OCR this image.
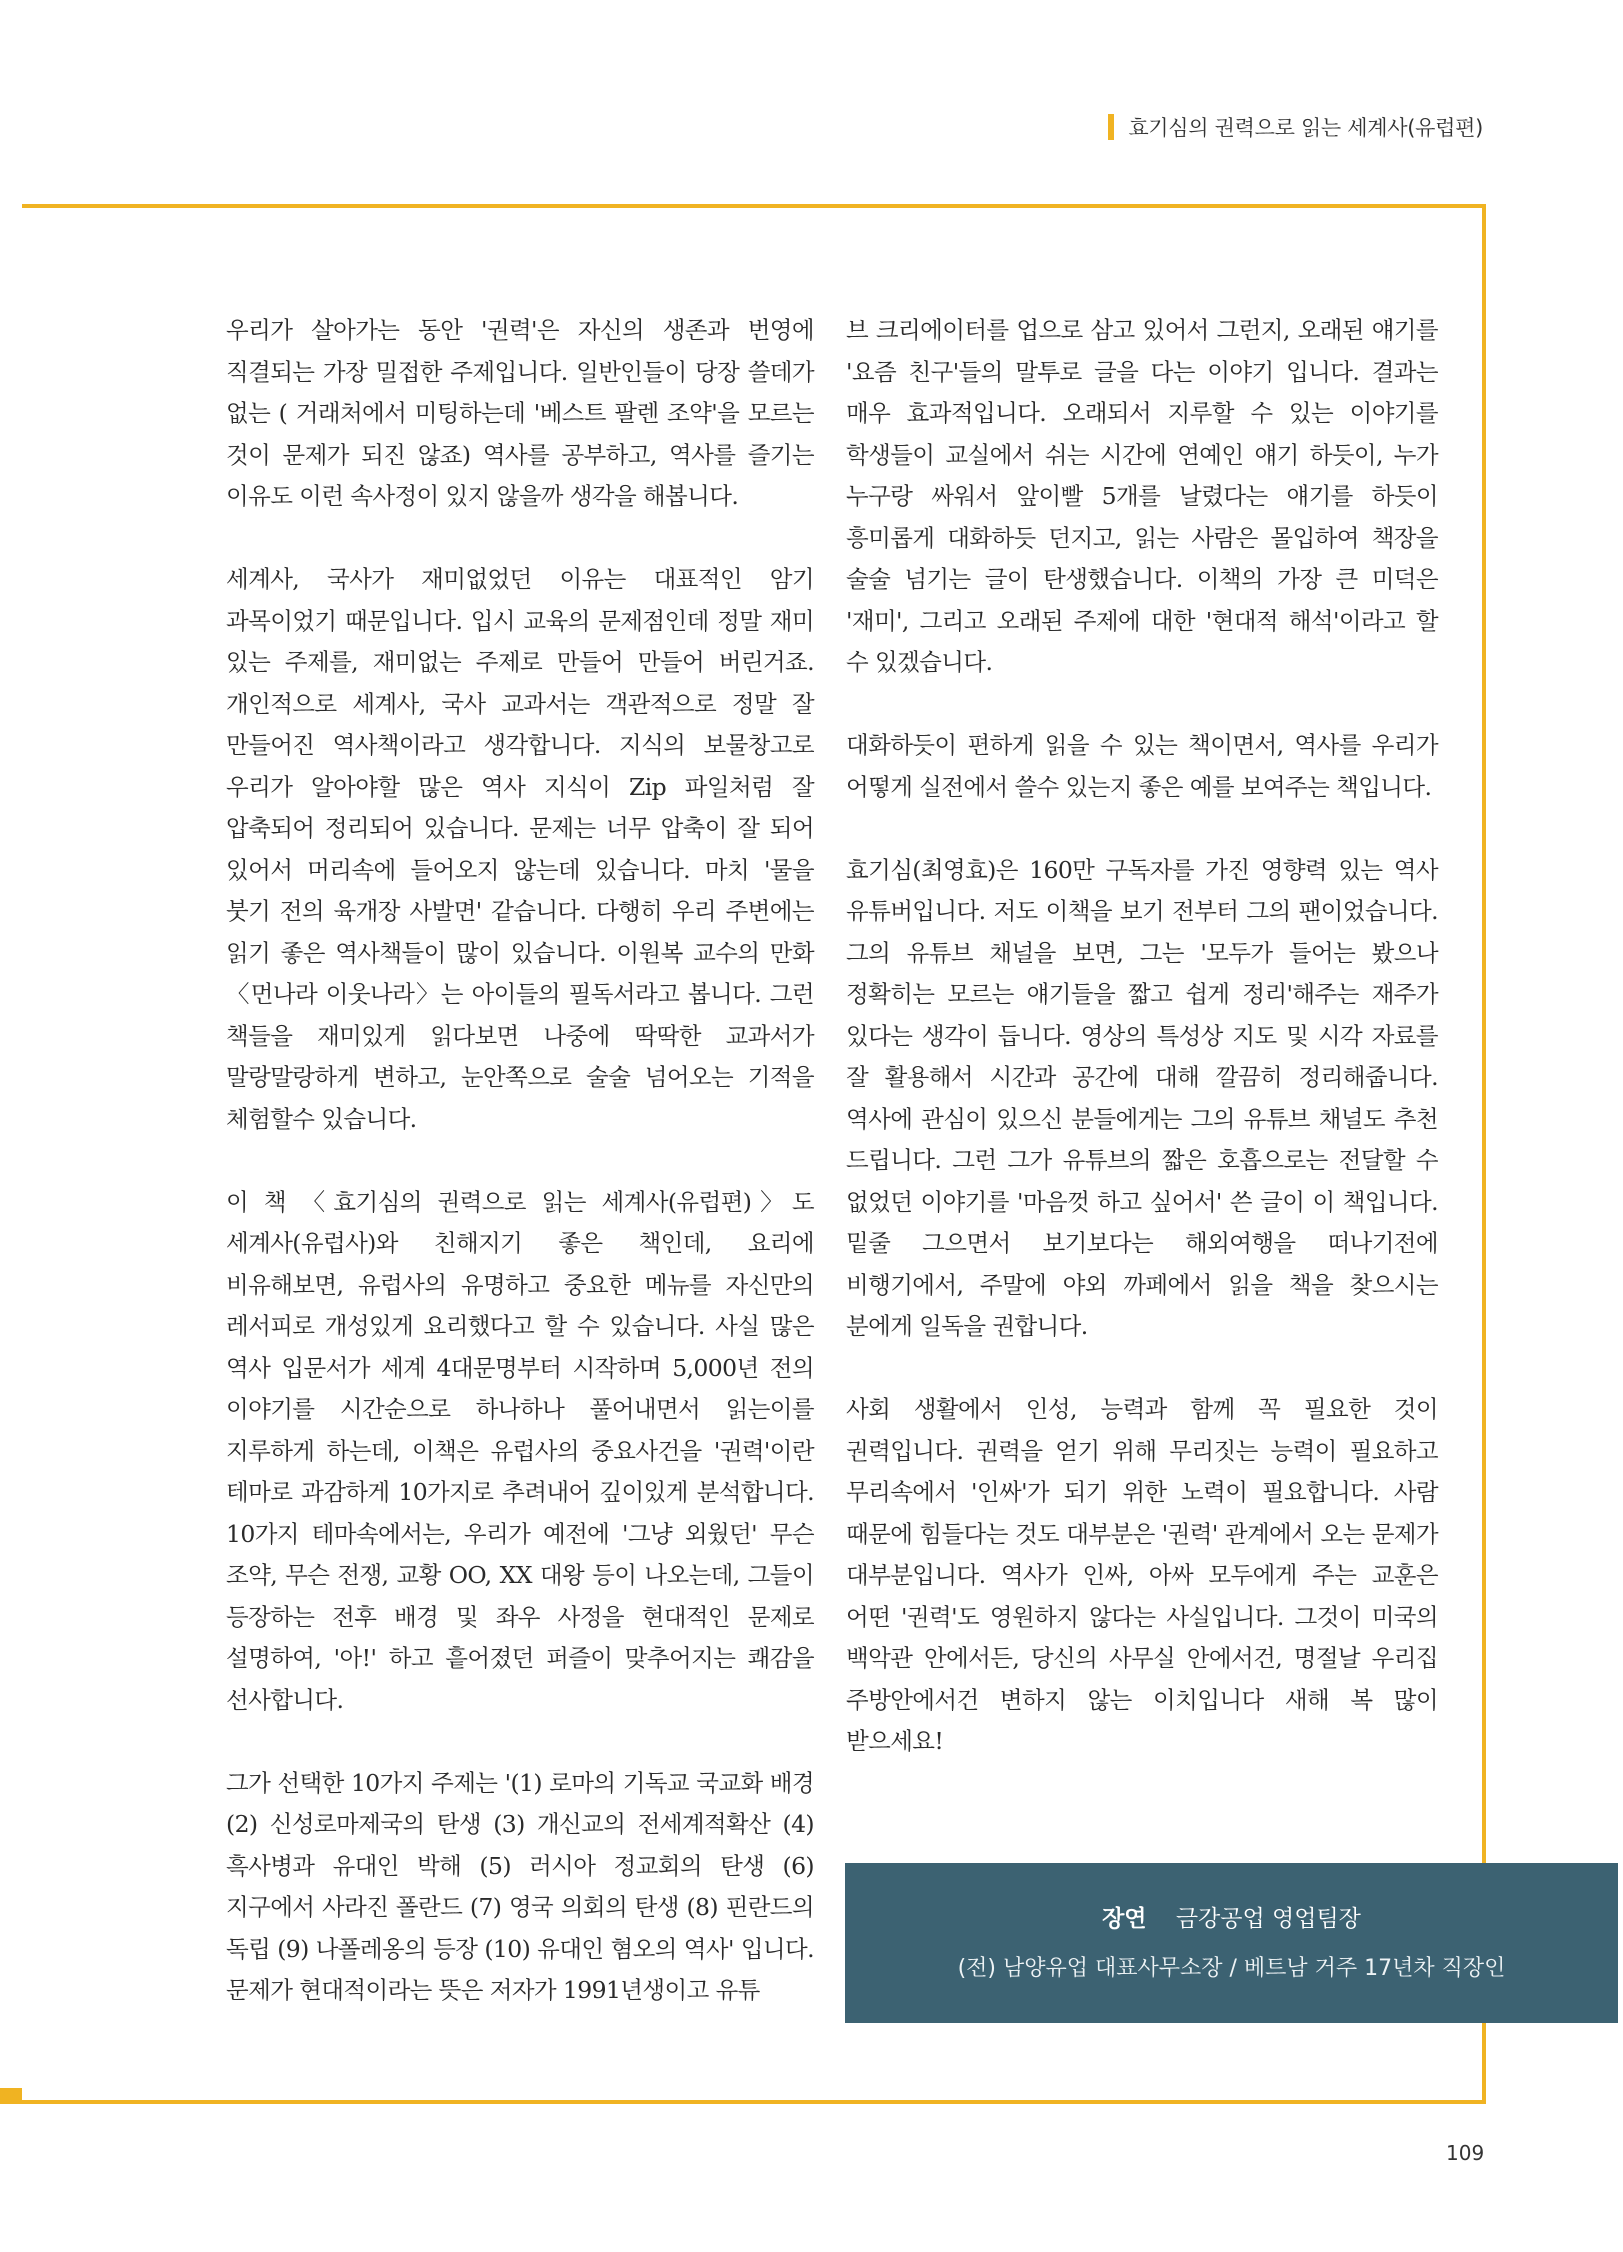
효기심의 권력으로 읽는 세계사(유럽편)

우리가 살아가는 동안 '권력'은 자신의 생존과 번영에 직결되는 가장 밀접한 주제입니다. 일반인들이 당장 쓸데가 없는 ( 거래처에서 미팅하는데 '베스트 팔렌 조약'을 모르는 것이 문제가 되진 않죠) 역사를 공부하고, 역사를 즐기는 이유도 이런 속사정이 있지 않을까 생각을 해봅니다.

세계사, 국사가 재미없었던 이유는 대표적인 암기 과목이었기 때문입니다. 입시 교육의 문제점인데 정말 재미 있는 주제를, 재미없는 주제로 만들어 만들어 버린거죠. 개인적으로 세계사, 국사 교과서는 객관적으로 정말 잘 만들어진 역사책이라고 생각합니다. 지식의 보물창고로 우리가 알아야할 많은 역사 지식이 Zip 파일처럼 잘 압축되어 정리되어 있습니다. 문제는 너무 압축이 잘 되어 있어서 머리속에 들어오지 않는데 있습니다. 마치 '물을 붓기 전의 육개장 사발면' 같습니다. 다행히 우리 주변에는 읽기 좋은 역사책들이 많이 있습니다. 이원복 교수의 만화 〈먼나라 이웃나라〉는 아이들의 필독서라고 봅니다. 그런 책들을 재미있게 읽다보면 나중에 딱딱한 교과서가 말랑말랑하게 변하고, 눈안쪽으로 술술 넘어오는 기적을 체험할수 있습니다.

이 책 〈효기심의 권력으로 읽는 세계사(유럽편)〉도 세계사(유럽사)와 친해지기 좋은 책인데, 요리에 비유해보면, 유럽사의 유명하고 중요한 메뉴를 자신만의 레서피로 개성있게 요리했다고 할 수 있습니다. 사실 많은 역사 입문서가 세계 4대문명부터 시작하며 5,000년 전의 이야기를 시간순으로 하나하나 풀어내면서 읽는이를 지루하게 하는데, 이책은 유럽사의 중요사건을 '권력'이란 테마로 과감하게 10가지로 추려내어 깊이있게 분석합니다. 10가지 테마속에서는, 우리가 예전에 '그냥 외웠던' 무슨 조약, 무슨 전쟁, 교황 OO, XX 대왕 등이 나오는데, 그들이 등장하는 전후 배경 및 좌우 사정을 현대적인 문제로 설명하여, '아!' 하고 흩어졌던 퍼즐이 맞추어지는 쾌감을 선사합니다.

그가 선택한 10가지 주제는 '(1) 로마의 기독교 국교화 배경 (2) 신성로마제국의 탄생 (3) 개신교의 전세계적확산 (4) 흑사병과 유대인 박해 (5) 러시아 정교회의 탄생 (6) 지구에서 사라진 폴란드 (7) 영국 의회의 탄생 (8) 핀란드의 독립 (9) 나폴레옹의 등장 (10) 유대인 혐오의 역사' 입니다. 문제가 현대적이라는 뜻은 저자가 1991년생이고 유튜

브 크리에이터를 업으로 삼고 있어서 그런지, 오래된 얘기를 '요즘 친구'들의 말투로 글을 다는 이야기 입니다. 결과는 매우 효과적입니다. 오래되서 지루할 수 있는 이야기를 학생들이 교실에서 쉬는 시간에 연예인 얘기 하듯이, 누가 누구랑 싸워서 앞이빨 5개를 날렸다는 얘기를 하듯이 흥미롭게 대화하듯 던지고, 읽는 사람은 몰입하여 책장을 술술 넘기는 글이 탄생했습니다. 이책의 가장 큰 미덕은 '재미', 그리고 오래된 주제에 대한 '현대적 해석'이라고 할 수 있겠습니다.

대화하듯이 편하게 읽을 수 있는 책이면서, 역사를 우리가 어떻게 실전에서 쓸수 있는지 좋은 예를 보여주는 책입니다.

효기심(최영효)은 160만 구독자를 가진 영향력 있는 역사 유튜버입니다. 저도 이책을 보기 전부터 그의 팬이었습니다. 그의 유튜브 채널을 보면, 그는 '모두가 들어는 봤으나 정확히는 모르는 얘기들을 짧고 쉽게 정리'해주는 재주가 있다는 생각이 듭니다. 영상의 특성상 지도 및 시각 자료를 잘 활용해서 시간과 공간에 대해 깔끔히 정리해줍니다. 역사에 관심이 있으신 분들에게는 그의 유튜브 채널도 추천 드립니다. 그런 그가 유튜브의 짧은 호흡으로는 전달할 수 없었던 이야기를 '마음껏 하고 싶어서' 쓴 글이 이 책입니다. 밑줄 그으면서 보기보다는 해외여행을 떠나기전에 비행기에서, 주말에 야외 까페에서 읽을 책을 찾으시는 분에게 일독을 권합니다.

사회 생활에서 인성, 능력과 함께 꼭 필요한 것이 권력입니다. 권력을 얻기 위해 무리짓는 능력이 필요하고 무리속에서 '인싸'가 되기 위한 노력이 필요합니다. 사람 때문에 힘들다는 것도 대부분은 '권력' 관계에서 오는 문제가 대부분입니다. 역사가 인싸, 아싸 모두에게 주는 교훈은 어떤 '권력'도 영원하지 않다는 사실입니다. 그것이 미국의 백악관 안에서든, 당신의 사무실 안에서건, 명절날 우리집 주방안에서건 변하지 않는 이치입니다 새해 복 많이 받으세요!

장연 금강공업 영업팀장
(전) 남양유업 대표사무소장 / 베트남 거주 17년차 직장인
109
